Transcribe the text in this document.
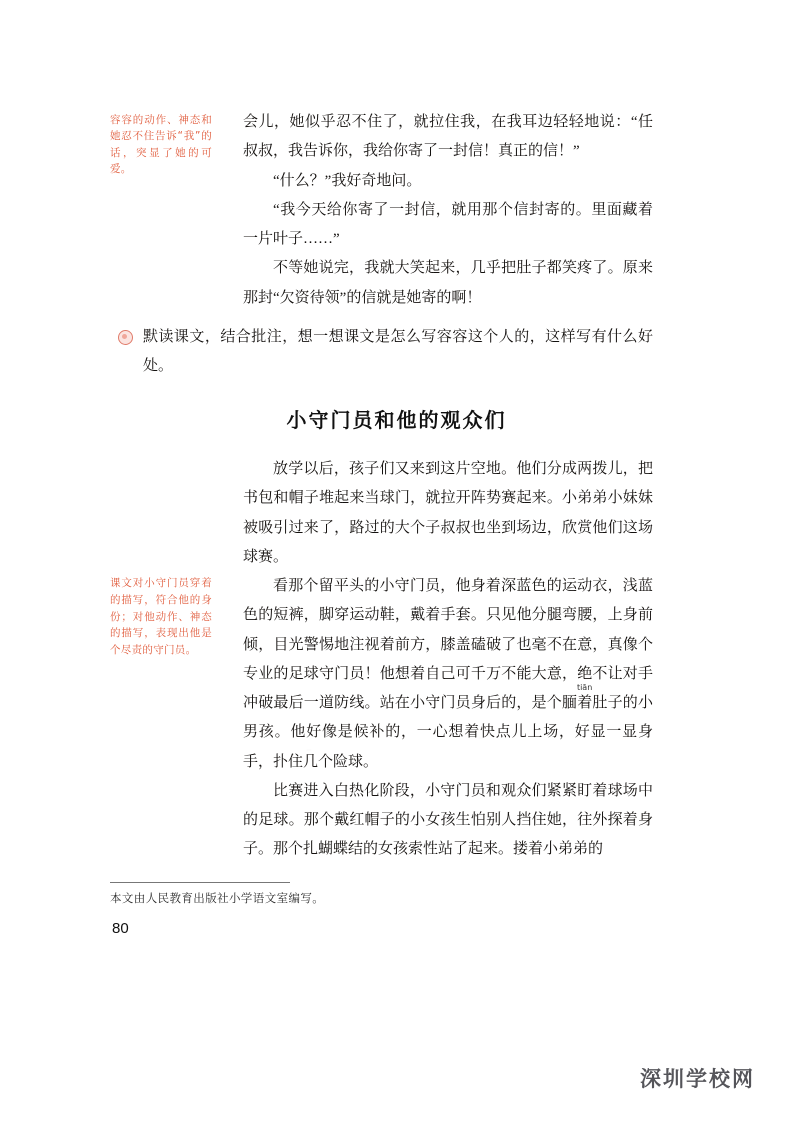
容容的动作、神态和她忍不住告诉“我”的话，突显了她的可爱。

会儿，她似乎忍不住了，就拉住我，在我耳边轻轻地说：“任叔叔，我告诉你，我给你寄了一封信！真正的信！”

“什么？”我好奇地问。

“我今天给你寄了一封信，就用那个信封寄的。里面藏着一片叶子……”

不等她说完，我就大笑起来，几乎把肚子都笑疼了。原来那封“欠资待领”的信就是她寄的啊！

默读课文，结合批注，想一想课文是怎么写容容这个人的，这样写有什么好处。
小守门员和他的观众们
课文对小守门员穿着的描写，符合他的身份；对他动作、神态的描写，表现出他是个尽责的守门员。

放学以后，孩子们又来到这片空地。他们分成两拨儿，把书包和帽子堆起来当球门，就拉开阵势赛起来。小弟弟小妹妹被吸引过来了，路过的大个子叔叔也坐到场边，欣赏他们这场球赛。

看那个留平头的小守门员，他身着深蓝色的运动衣，浅蓝色的短裤，脚穿运动鞋，戴着手套。只见他分腿弯腰，上身前倾，目光警惕地注视着前方，膝盖磕破了也毫不在意，真像个专业的足球守门员！他想着自己可千万不能大意，绝不让对手冲破最后一道防线。站在小守门员身后的，是个
tiān
腼着肚子的小男孩。他好像是候补的，一心想着快点儿上场，好显一显身手，扑住几个险球。

比赛进入白热化阶段，小守门员和观众们紧紧盯着球场中的足球。那个戴红帽子的小女孩生怕别人挡住她，往外探着身子。那个扎蝴蝶结的女孩索性站了起来。搂着小弟弟的

本文由人民教育出版社小学语文室编写。
80
深圳学校网
